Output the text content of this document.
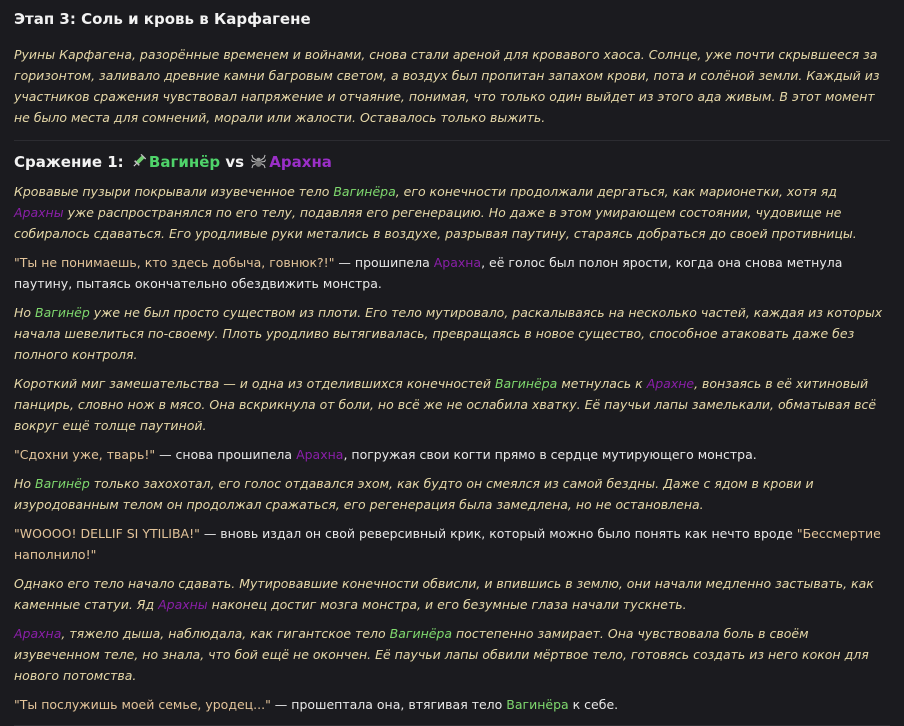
Этап 3: Соль и кровь в Карфагене

Руины Карфагена, разорённые временем и войнами, снова стали ареной для кровавого хаоса. Солнце, уже почти скрывшееся за горизонтом, заливало древние камни багровым светом, а воздух был пропитан запахом крови, пота и солёной земли. Каждый из участников сражения чувствовал напряжение и отчаяние, понимая, что только один выйдет из этого ада живым. В этот момент не было места для сомнений, морали или жалости. Оставалось только выжить.

Сражение 1: Вагинёр vs Арахна

Кровавые пузыри покрывали изувеченное тело Вагинёра, его конечности продолжали дергаться, как марионетки, хотя яд Арахны уже распространялся по его телу, подавляя его регенерацию. Но даже в этом умирающем состоянии, чудовище не собиралось сдаваться. Его уродливые руки метались в воздухе, разрывая паутину, стараясь добраться до своей противницы.

"Ты не понимаешь, кто здесь добыча, говнюк?!" — прошипела Арахна, её голос был полон ярости, когда она снова метнула паутину, пытаясь окончательно обездвижить монстра.

Но Вагинёр уже не был просто существом из плоти. Его тело мутировало, раскалываясь на несколько частей, каждая из которых начала шевелиться по-своему. Плоть уродливо вытягивалась, превращаясь в новое существо, способное атаковать даже без полного контроля.

Короткий миг замешательства — и одна из отделившихся конечностей Вагинёра метнулась к Арахне, вонзаясь в её хитиновый панцирь, словно нож в мясо. Она вскрикнула от боли, но всё же не ослабила хватку. Её паучьи лапы замелькали, обматывая всё вокруг ещё толще паутиной.

"Сдохни уже, тварь!" — снова прошипела Арахна, погружая свои когти прямо в сердце мутирующего монстра.

Но Вагинёр только захохотал, его голос отдавался эхом, как будто он смеялся из самой бездны. Даже с ядом в крови и изуродованным телом он продолжал сражаться, его регенерация была замедлена, но не остановлена.

"WOOOO! DELLIF SI YTILIBA!" — вновь издал он свой реверсивный крик, который можно было понять как нечто вроде "Бессмертие наполнило!"

Однако его тело начало сдавать. Мутировавшие конечности обвисли, и впившись в землю, они начали медленно застывать, как каменные статуи. Яд Арахны наконец достиг мозга монстра, и его безумные глаза начали тускнеть.

Арахна, тяжело дыша, наблюдала, как гигантское тело Вагинёра постепенно замирает. Она чувствовала боль в своём изувеченном теле, но знала, что бой ещё не окончен. Её паучьи лапы обвили мёртвое тело, готовясь создать из него кокон для нового потомства.

"Ты послужишь моей семье, уродец..." — прошептала она, втягивая тело Вагинёра к себе.
